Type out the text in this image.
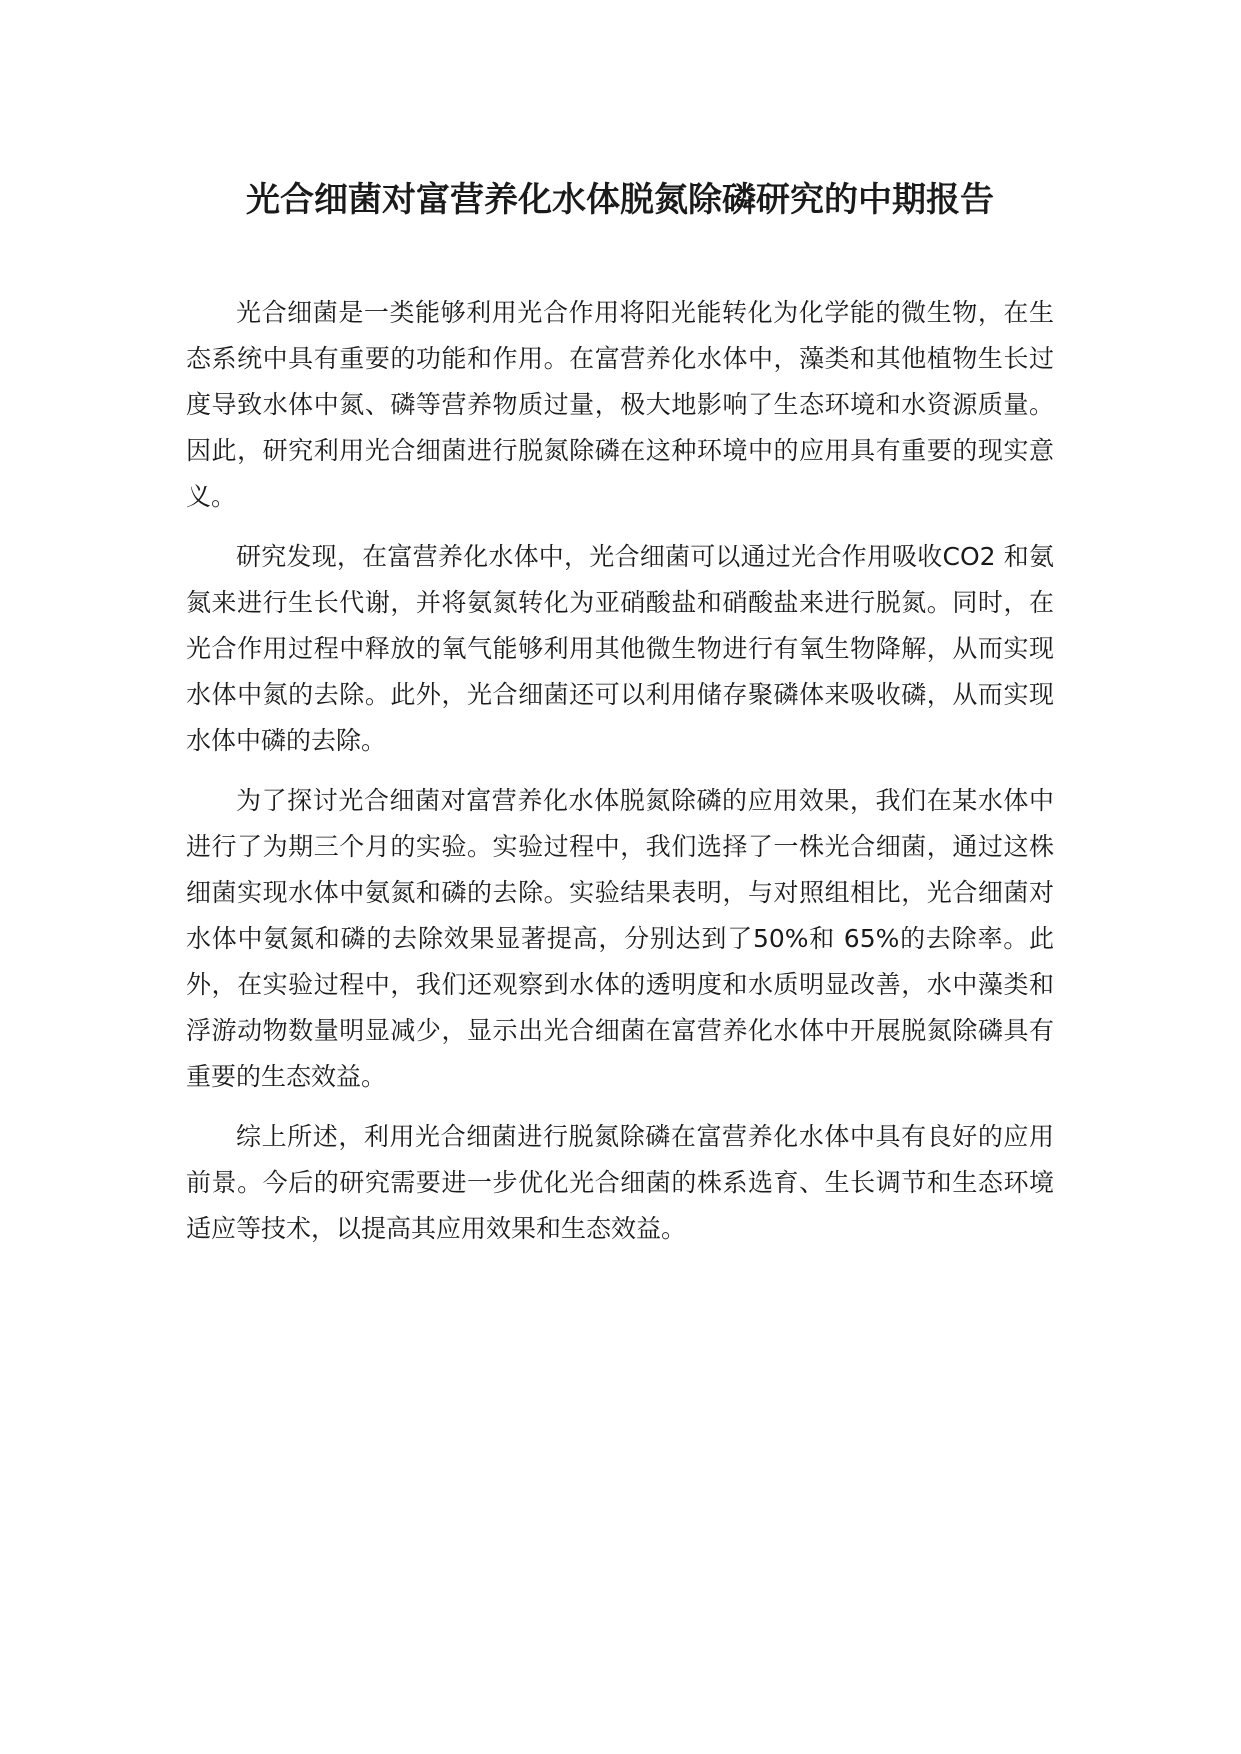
光合细菌对富营养化水体脱氮除磷研究的中期报告

光合细菌是一类能够利用光合作用将阳光能转化为化学能的微生物，在生态系统中具有重要的功能和作用。在富营养化水体中，藻类和其他植物生长过度导致水体中氮、磷等营养物质过量，极大地影响了生态环境和水资源质量。因此，研究利用光合细菌进行脱氮除磷在这种环境中的应用具有重要的现实意义。

研究发现，在富营养化水体中，光合细菌可以通过光合作用吸收CO2 和氨氮来进行生长代谢，并将氨氮转化为亚硝酸盐和硝酸盐来进行脱氮。同时，在光合作用过程中释放的氧气能够利用其他微生物进行有氧生物降解，从而实现水体中氮的去除。此外，光合细菌还可以利用储存聚磷体来吸收磷，从而实现水体中磷的去除。

为了探讨光合细菌对富营养化水体脱氮除磷的应用效果，我们在某水体中进行了为期三个月的实验。实验过程中，我们选择了一株光合细菌，通过这株细菌实现水体中氨氮和磷的去除。实验结果表明，与对照组相比，光合细菌对水体中氨氮和磷的去除效果显著提高，分别达到了50%和 65%的去除率。此外，在实验过程中，我们还观察到水体的透明度和水质明显改善，水中藻类和浮游动物数量明显减少，显示出光合细菌在富营养化水体中开展脱氮除磷具有重要的生态效益。

综上所述，利用光合细菌进行脱氮除磷在富营养化水体中具有良好的应用前景。今后的研究需要进一步优化光合细菌的株系选育、生长调节和生态环境适应等技术，以提高其应用效果和生态效益。
